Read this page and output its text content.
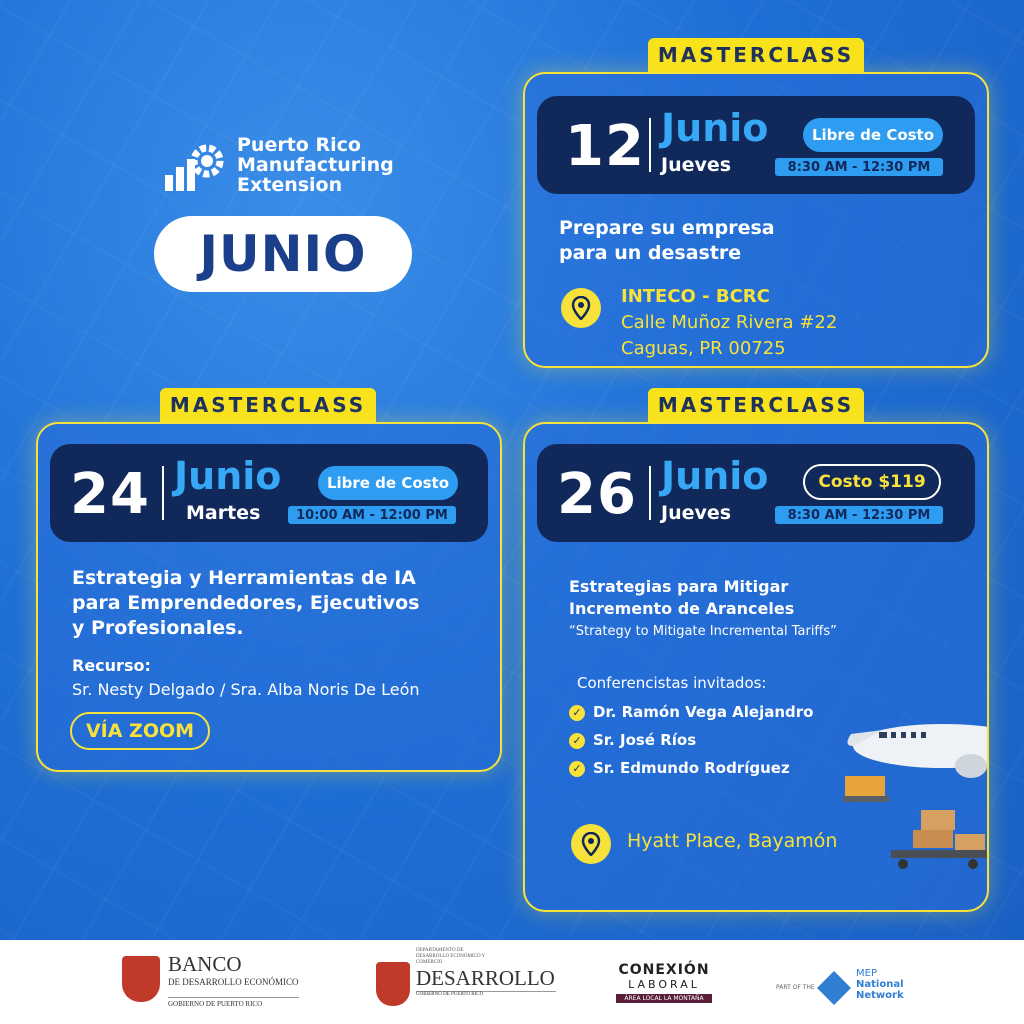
Puerto Rico
Manufacturing
Extension
JUNIO
MASTERCLASS
12 Junio
Jueves
Libre de Costo
8:30 AM - 12:30 PM
Prepare su empresa
para un desastre
INTECO - BCRC
Calle Muñoz Rivera #22
Caguas, PR 00725
MASTERCLASS
24 Junio
Martes
Libre de Costo
10:00 AM - 12:00 PM
Estrategia y Herramientas de IA
para Emprendedores, Ejecutivos
y Profesionales.
Recurso:
Sr. Nesty Delgado / Sra. Alba Noris De León
VÍA ZOOM
MASTERCLASS
26 Junio
Jueves
Costo $119
8:30 AM - 12:30 PM
Estrategias para Mitigar
Incremento de Aranceles
“Strategy to Mitigate Incremental Tariffs”
Conferencistas invitados:
✓ Dr. Ramón Vega Alejandro
✓ Sr. José Ríos
✓ Sr. Edmundo Rodríguez
Hyatt Place, Bayamón
BANCO
DE DESARROLLO ECONÓMICO
GOBIERNO DE PUERTO RICO
DEPARTAMENTO DE DESARROLLO ECONÓMICO Y COMERCIO
DESARROLLO
GOBIERNO DE PUERTO RICO
CONEXIÓN
LABORAL
ÁREA LOCAL LA MONTAÑA
PART OF THE
MEP
National
Network
